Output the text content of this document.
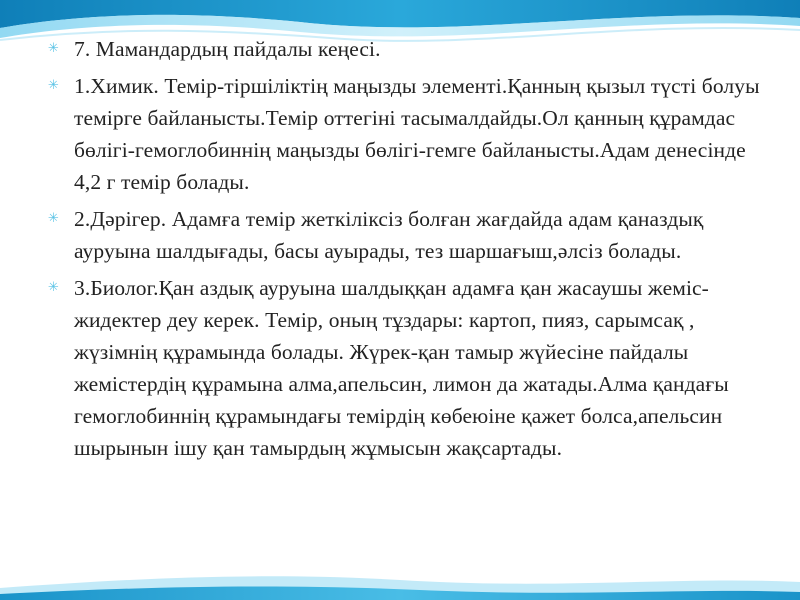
✳ 7. Мамандардың пайдалы кеңесі.
✳ 1.Химик. Темір-тіршіліктің маңызды элементі.Қанның қызыл түсті болуы темірге байланысты.Темір оттегіні тасымалдайды.Ол қанның құрамдас бөлігі-гемоглобиннің маңызды бөлігі-гемге байланысты.Адам денесінде 4,2 г темір болады.
✳ 2.Дәрігер. Адамға темір жеткіліксіз болған жағдайда адам қаназдық ауруына шалдығады, басы ауырады, тез шаршағыш,әлсіз болады.
✳ 3.Биолог.Қан аздық ауруына шалдыққан адамға қан жасаушы жеміс-жидектер деу керек. Темір, оның тұздары: картоп, пияз, сарымсақ , жүзімнің құрамында болады. Жүрек-қан тамыр жүйесіне пайдалы жемістердің құрамына алма,апельсин, лимон да жатады.Алма қандағы гемоглобиннің құрамындағы темірдің көбеюіне қажет болса,апельсин шырынын ішу қан тамырдың жұмысын жақсартады.
